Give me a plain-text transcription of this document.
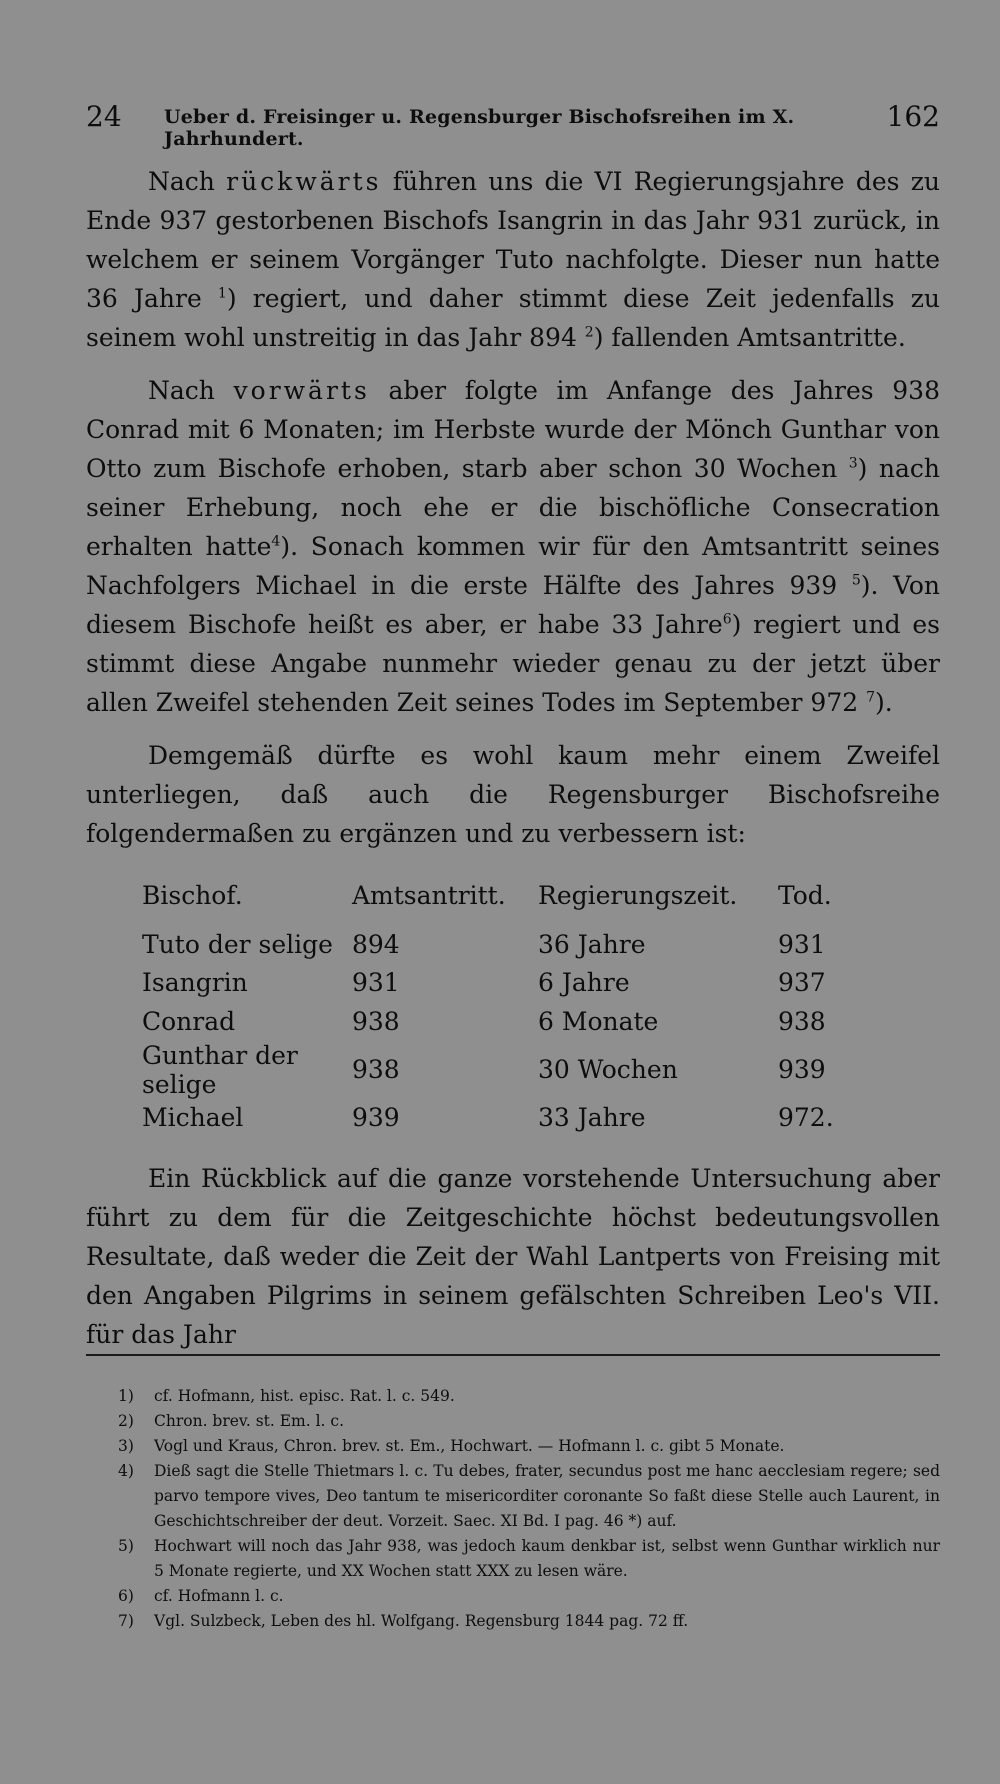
24 Ueber d. Freisinger u. Regensburger Bischofsreihen im X. Jahrhundert.
162

Nach rückwärts führen uns die VI Regierungsjahre des zu Ende 937 gestorbenen Bischofs Isangrin in das Jahr 931 zurück, in welchem er seinem Vorgänger Tuto nachfolgte. Dieser nun hatte 36 Jahre $^1$) regiert, und daher stimmt diese Zeit jedenfalls zu seinem wohl unstreitig in das Jahr 894 $^2$) fallenden Amtsantritte.

Nach vorwärts aber folgte im Anfange des Jahres 938 Conrad mit 6 Monaten; im Herbste wurde der Mönch Gunthar von Otto zum Bischofe erhoben, starb aber schon 30 Wochen $^3$) nach seiner Erhebung, noch ehe er die bischöfliche Consecration erhalten hatte$^4$). Sonach kommen wir für den Amtsantritt seines Nachfolgers Michael in die erste Hälfte des Jahres 939 $^5$). Von diesem Bischofe heißt es aber, er habe 33 Jahre$^6$) regiert und es stimmt diese Angabe nunmehr wieder genau zu der jetzt über allen Zweifel stehenden Zeit seines Todes im September 972 $^7$).

Demgemäß dürfte es wohl kaum mehr einem Zweifel unterliegen, daß auch die Regensburger Bischofsreihe folgendermaßen zu ergänzen und zu verbessern ist:

Bischof.	Amtsantritt.	Regierungszeit.	Tod.
Tuto der selige	894	36 Jahre	931
Isangrin	931	6 Jahre	937
Conrad	938	6 Monate	938
Gunthar der selige	938	30 Wochen	939
Michael	939	33 Jahre	972.

Ein Rückblick auf die ganze vorstehende Untersuchung aber führt zu dem für die Zeitgeschichte höchst bedeutungsvollen Resultate, daß weder die Zeit der Wahl Lantperts von Freising mit den Angaben Pilgrims in seinem gefälschten Schreiben Leo's VII. für das Jahr

1) cf. Hofmann, hist. episc. Rat. l. c. 549.
2) Chron. brev. st. Em. l. c.
3) Vogl und Kraus, Chron. brev. st. Em., Hochwart. — Hofmann l. c. gibt 5 Monate.
4) Dieß sagt die Stelle Thietmars l. c. Tu debes, frater, secundus post me hanc aecclesiam regere; sed parvo tempore vives, Deo tantum te misericorditer coronante So faßt diese Stelle auch Laurent, in Geschichtschreiber der deut. Vorzeit. Saec. XI Bd. I pag. 46 *) auf.
5) Hochwart will noch das Jahr 938, was jedoch kaum denkbar ist, selbst wenn Gunthar wirklich nur 5 Monate regierte, und XX Wochen statt XXX zu lesen wäre.
6) cf. Hofmann l. c.
7) Vgl. Sulzbeck, Leben des hl. Wolfgang. Regensburg 1844 pag. 72 ff.
